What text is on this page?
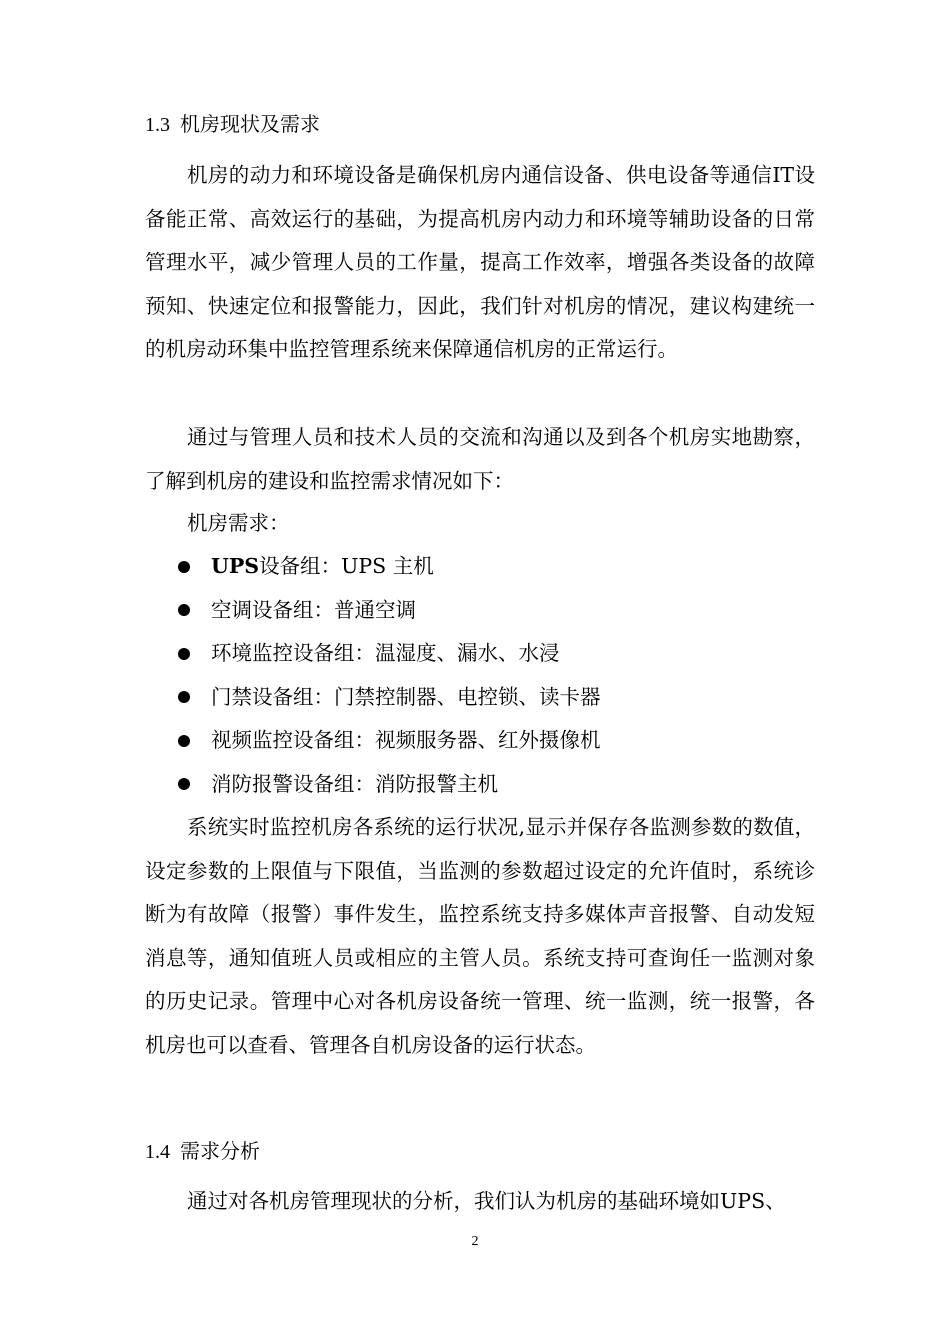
1.3 机房现状及需求

机房的动力和环境设备是确保机房内通信设备、供电设备等通信IT设备能正常、高效运行的基础，为提高机房内动力和环境等辅助设备的日常管理水平，减少管理人员的工作量，提高工作效率，增强各类设备的故障预知、快速定位和报警能力，因此，我们针对机房的情况，建议构建统一的机房动环集中监控管理系统来保障通信机房的正常运行。

通过与管理人员和技术人员的交流和沟通以及到各个机房实地勘察，了解到机房的建设和监控需求情况如下：

机房需求：
UPS 设备组：UPS 主机
空调设备组：普通空调
环境监控设备组：温湿度、漏水、水浸
门禁设备组：门禁控制器、电控锁、读卡器
视频监控设备组：视频服务器、红外摄像机
消防报警设备组：消防报警主机

系统实时监控机房各系统的运行状况,显示并保存各监测参数的数值，设定参数的上限值与下限值，当监测的参数超过设定的允许值时，系统诊断为有故障（报警）事件发生，监控系统支持多媒体声音报警、自动发短消息等，通知值班人员或相应的主管人员。系统支持可查询任一监测对象的历史记录。管理中心对各机房设备统一管理、统一监测，统一报警，各机房也可以查看、管理各自机房设备的运行状态。

1.4 需求分析

通过对各机房管理现状的分析，我们认为机房的基础环境如UPS、

2
